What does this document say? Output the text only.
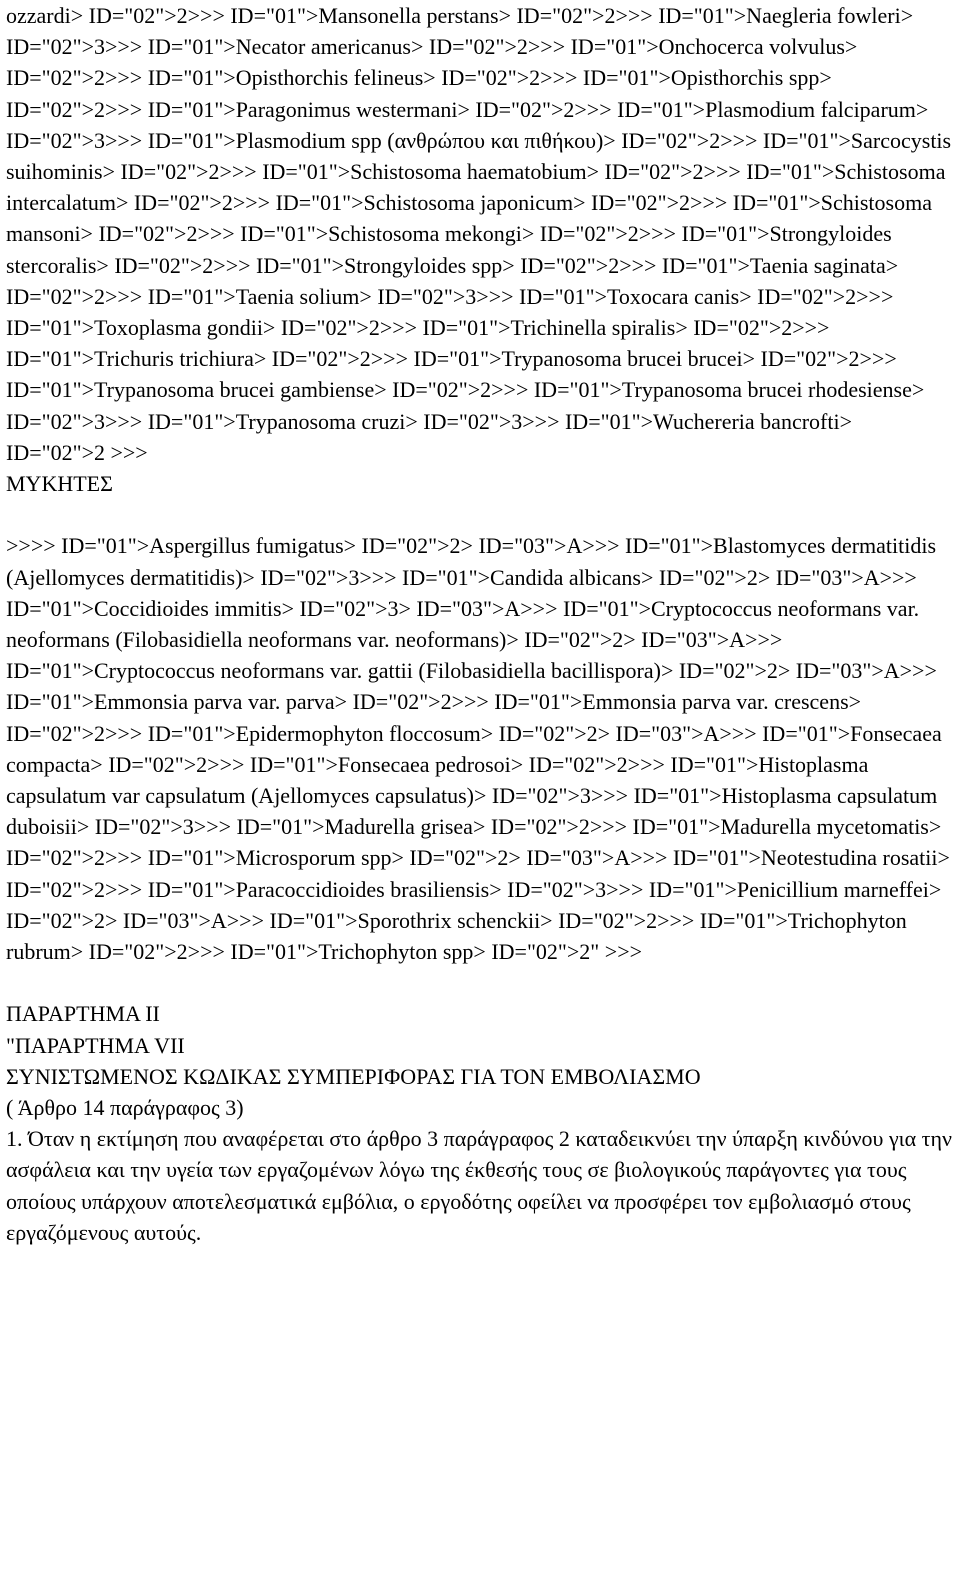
ozzardi> ID="02">2>>> ID="01">Mansonella perstans> ID="02">2>>> ID="01">Naegleria fowleri> ID="02">3>>> ID="01">Necator americanus> ID="02">2>>> ID="01">Onchocerca volvulus> ID="02">2>>> ID="01">Opisthorchis felineus> ID="02">2>>> ID="01">Opisthorchis spp> ID="02">2>>> ID="01">Paragonimus westermani> ID="02">2>>> ID="01">Plasmodium falciparum> ID="02">3>>> ID="01">Plasmodium spp (ανθρώπου και πιθήκου)> ID="02">2>>> ID="01">Sarcocystis suihominis> ID="02">2>>> ID="01">Schistosoma haematobium> ID="02">2>>> ID="01">Schistosoma intercalatum> ID="02">2>>> ID="01">Schistosoma japonicum> ID="02">2>>> ID="01">Schistosoma mansoni> ID="02">2>>> ID="01">Schistosoma mekongi> ID="02">2>>> ID="01">Strongyloides stercoralis> ID="02">2>>> ID="01">Strongyloides spp> ID="02">2>>> ID="01">Taenia saginata> ID="02">2>>> ID="01">Taenia solium> ID="02">3>>> ID="01">Toxocara canis> ID="02">2>>> ID="01">Toxoplasma gondii> ID="02">2>>> ID="01">Trichinella spiralis> ID="02">2>>> ID="01">Trichuris trichiura> ID="02">2>>> ID="01">Trypanosoma brucei brucei> ID="02">2>>> ID="01">Trypanosoma brucei gambiense> ID="02">2>>> ID="01">Trypanosoma brucei rhodesiense> ID="02">3>>> ID="01">Trypanosoma cruzi> ID="02">3>>> ID="01">Wuchereria bancrofti> ID="02">2 >>>

ΜΥΚΗΤΕΣ

>>>> ID="01">Aspergillus fumigatus> ID="02">2> ID="03">A>>> ID="01">Blastomyces dermatitidis (Ajellomyces dermatitidis)> ID="02">3>>> ID="01">Candida albicans> ID="02">2> ID="03">A>>> ID="01">Coccidioides immitis> ID="02">3> ID="03">A>>> ID="01">Cryptococcus neoformans var. neoformans (Filobasidiella neoformans var. neoformans)> ID="02">2> ID="03">A>>> ID="01">Cryptococcus neoformans var. gattii (Filobasidiella bacillispora)> ID="02">2> ID="03">A>>> ID="01">Emmonsia parva var. parva> ID="02">2>>> ID="01">Emmonsia parva var. crescens> ID="02">2>>> ID="01">Epidermophyton floccosum> ID="02">2> ID="03">A>>> ID="01">Fonsecaea compacta> ID="02">2>>> ID="01">Fonsecaea pedrosoi> ID="02">2>>> ID="01">Histoplasma capsulatum var capsulatum (Ajellomyces capsulatus)> ID="02">3>>> ID="01">Histoplasma capsulatum duboisii> ID="02">3>>> ID="01">Madurella grisea> ID="02">2>>> ID="01">Madurella mycetomatis> ID="02">2>>> ID="01">Microsporum spp> ID="02">2> ID="03">A>>> ID="01">Neotestudina rosatii> ID="02">2>>> ID="01">Paracoccidioides brasiliensis> ID="02">3>>> ID="01">Penicillium marneffei> ID="02">2> ID="03">A>>> ID="01">Sporothrix schenckii> ID="02">2>>> ID="01">Trichophyton rubrum> ID="02">2>>> ID="01">Trichophyton spp> ID="02">2" >>>

ΠΑΡΑΡΤΗΜΑ II

"ΠΑΡΑΡΤΗΜΑ VII

ΣΥΝΙΣΤΩΜΕΝΟΣ ΚΩΔΙΚΑΣ ΣΥΜΠΕΡΙΦΟΡΑΣ ΓΙΑ ΤΟΝ ΕΜΒΟΛΙΑΣΜΟ

( Άρθρο 14 παράγραφος 3)

1. Όταν η εκτίμηση που αναφέρεται στο άρθρο 3 παράγραφος 2 καταδεικνύει την ύπαρξη κινδύνου για την ασφάλεια και την υγεία των εργαζομένων λόγω της έκθεσής τους σε βιολογικούς παράγοντες για τους οποίους υπάρχουν αποτελεσματικά εμβόλια, ο εργοδότης οφείλει να προσφέρει τον εμβολιασμό στους εργαζόμενους αυτούς.
